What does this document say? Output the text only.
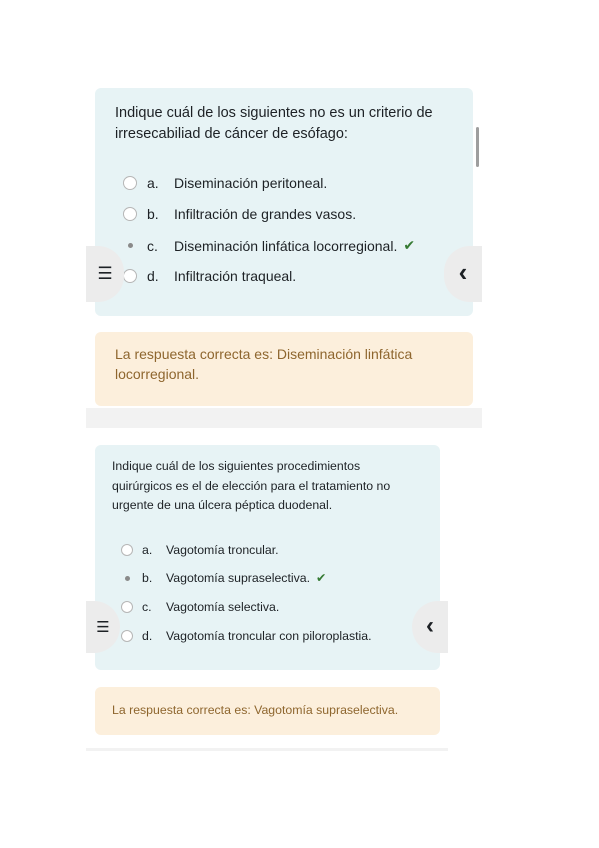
Indique cuál de los siguientes no es un criterio de
irresecabiliad de cáncer de esófago:
a.	Diseminación peritoneal.
b.	Infiltración de grandes vasos.
c.	Diseminación linfática locorregional. ✔
d.	Infiltración traqueal.
☰	‹
La respuesta correcta es: Diseminación linfática
locorregional.
Indique cuál de los siguientes procedimientos
quirúrgicos es el de elección para el tratamiento no
urgente de una úlcera péptica duodenal.
a.	Vagotomía troncular.
b.	Vagotomía supraselectiva. ✔
c.	Vagotomía selectiva.
d.	Vagotomía troncular con piloroplastia.
☰	‹
La respuesta correcta es: Vagotomía supraselectiva.
